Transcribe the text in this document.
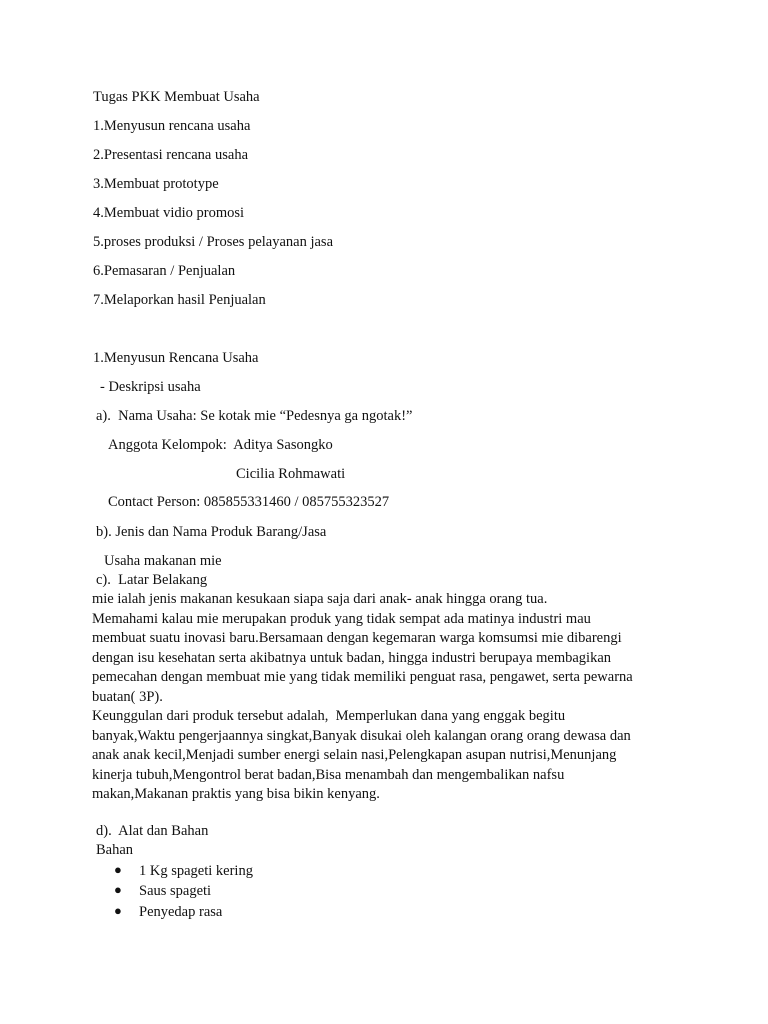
Tugas PKK Membuat Usaha
1.Menyusun rencana usaha
2.Presentasi rencana usaha
3.Membuat prototype
4.Membuat vidio promosi
5.proses produksi / Proses pelayanan jasa
6.Pemasaran / Penjualan
7.Melaporkan hasil Penjualan
1.Menyusun Rencana Usaha
- Deskripsi usaha
a).  Nama Usaha: Se kotak mie “Pedesnya ga ngotak!”
Anggota Kelompok:  Aditya Sasongko
Cicilia Rohmawati
Contact Person: 085855331460 / 085755323527
b). Jenis dan Nama Produk Barang/Jasa
Usaha makanan mie
c).  Latar Belakang
mie ialah jenis makanan kesukaan siapa saja dari anak- anak hingga orang tua.
Memahami kalau mie merupakan produk yang tidak sempat ada matinya industri mau
membuat suatu inovasi baru.Bersamaan dengan kegemaran warga komsumsi mie dibarengi
dengan isu kesehatan serta akibatnya untuk badan, hingga industri berupaya membagikan
pemecahan dengan membuat mie yang tidak memiliki penguat rasa, pengawet, serta pewarna
buatan( 3P).
Keunggulan dari produk tersebut adalah,  Memperlukan dana yang enggak begitu
banyak,Waktu pengerjaannya singkat,Banyak disukai oleh kalangan orang orang dewasa dan
anak anak kecil,Menjadi sumber energi selain nasi,Pelengkapan asupan nutrisi,Menunjang
kinerja tubuh,Mengontrol berat badan,Bisa menambah dan mengembalikan nafsu
makan,Makanan praktis yang bisa bikin kenyang.
d).  Alat dan Bahan
Bahan
● 1 Kg spageti kering
● Saus spageti
● Penyedap rasa
